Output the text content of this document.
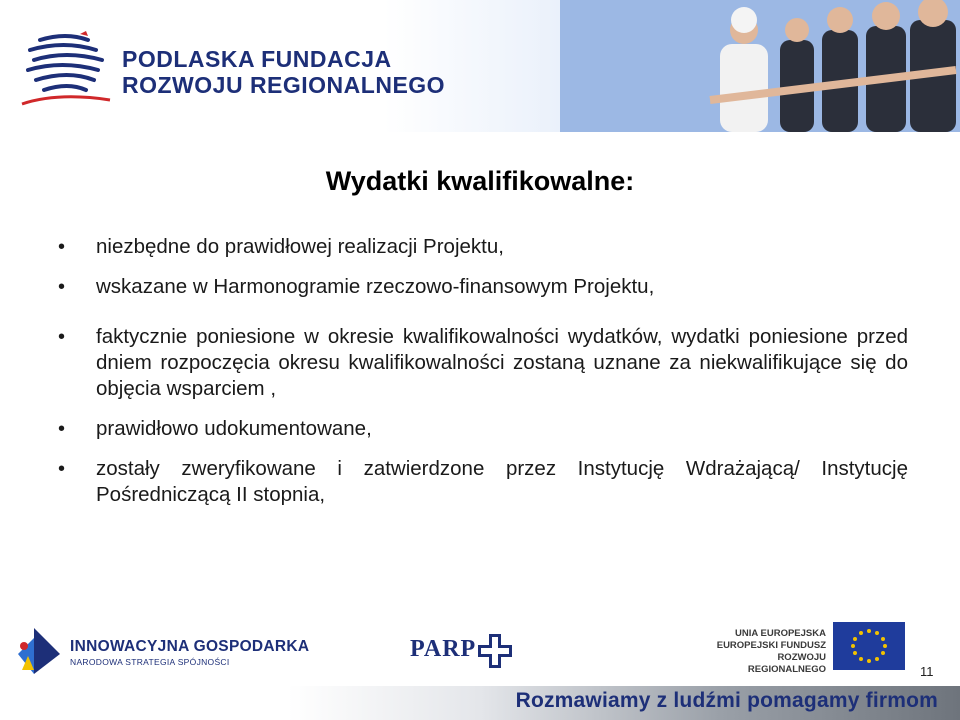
PODLASKA FUNDACJA
ROZWOJU REGIONALNEGO
Wydatki kwalifikowalne:
• niezbędne do prawidłowej realizacji Projektu,
• wskazane w Harmonogramie rzeczowo-finansowym Projektu,
• faktycznie poniesione w okresie kwalifikowalności wydatków, wydatki poniesione przed dniem rozpoczęcia okresu kwalifikowalności zostaną uznane za niekwalifikujące się do objęcia wsparciem ,
• prawidłowo udokumentowane,
• zostały zweryfikowane i zatwierdzone przez Instytucję Wdrażającą/ Instytucję Pośredniczącą II stopnia,
INNOWACYJNA GOSPODARKA
NARODOWA STRATEGIA SPÓJNOŚCI	PARP
UNIA EUROPEJSKA
EUROPEJSKI FUNDUSZ
ROZWOJU REGIONALNEGO	11
Rozmawiamy z ludźmi pomagamy firmom
